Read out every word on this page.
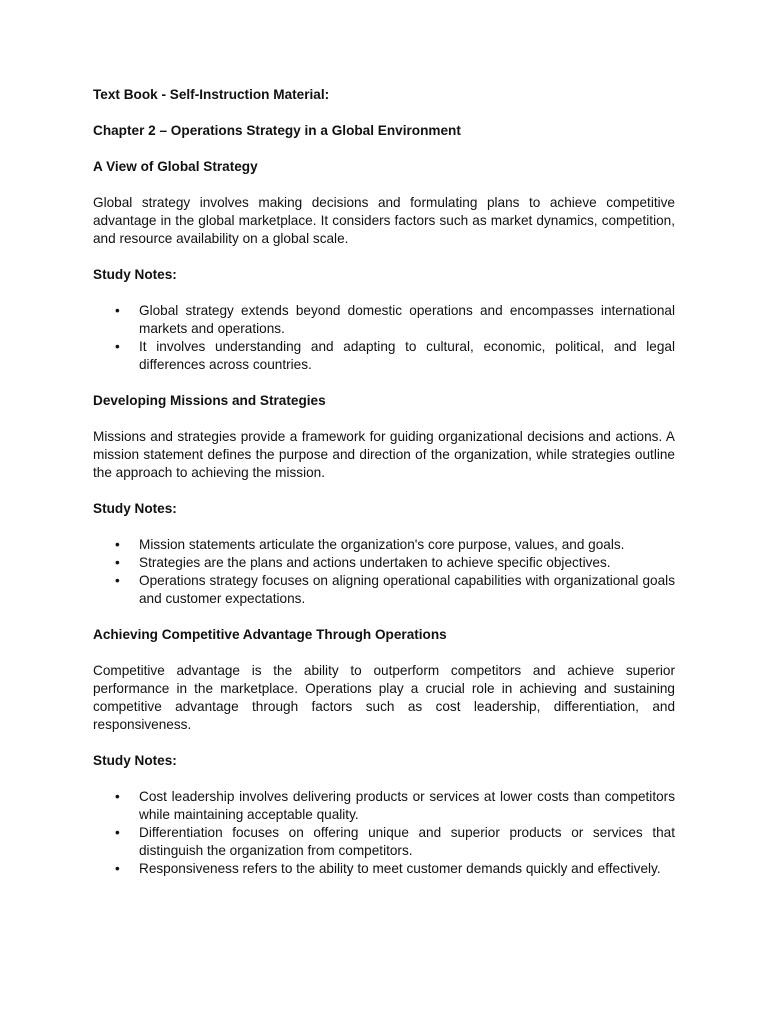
Text Book - Self-Instruction Material:
Chapter 2 – Operations Strategy in a Global Environment
A View of Global Strategy
Global strategy involves making decisions and formulating plans to achieve competitive advantage in the global marketplace. It considers factors such as market dynamics, competition, and resource availability on a global scale.
Study Notes:
• Global strategy extends beyond domestic operations and encompasses international markets and operations.
• It involves understanding and adapting to cultural, economic, political, and legal differences across countries.
Developing Missions and Strategies
Missions and strategies provide a framework for guiding organizational decisions and actions. A mission statement defines the purpose and direction of the organization, while strategies outline the approach to achieving the mission.
Study Notes:
• Mission statements articulate the organization's core purpose, values, and goals.
• Strategies are the plans and actions undertaken to achieve specific objectives.
• Operations strategy focuses on aligning operational capabilities with organizational goals and customer expectations.
Achieving Competitive Advantage Through Operations
Competitive advantage is the ability to outperform competitors and achieve superior performance in the marketplace. Operations play a crucial role in achieving and sustaining competitive advantage through factors such as cost leadership, differentiation, and responsiveness.
Study Notes:
• Cost leadership involves delivering products or services at lower costs than competitors while maintaining acceptable quality.
• Differentiation focuses on offering unique and superior products or services that distinguish the organization from competitors.
• Responsiveness refers to the ability to meet customer demands quickly and effectively.
